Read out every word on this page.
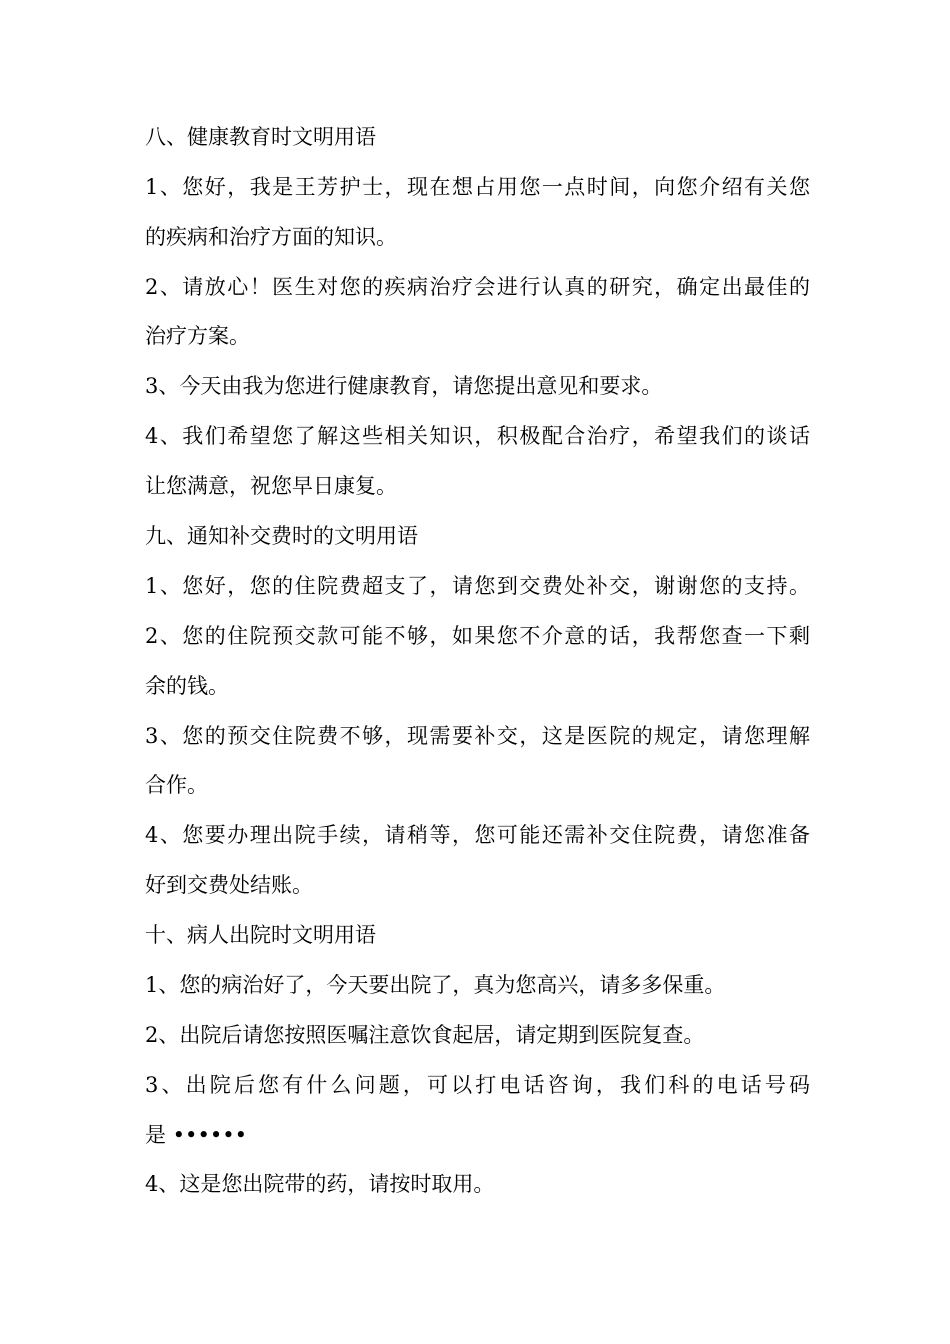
八、健康教育时文明用语
1、您好，我是王芳护士，现在想占用您一点时间，向您介绍有关您
的疾病和治疗方面的知识。
2、请放心！医生对您的疾病治疗会进行认真的研究，确定出最佳的
治疗方案。
3、今天由我为您进行健康教育，请您提出意见和要求。
4、我们希望您了解这些相关知识，积极配合治疗，希望我们的谈话
让您满意，祝您早日康复。
九、通知补交费时的文明用语
1、您好，您的住院费超支了，请您到交费处补交，谢谢您的支持。
2、您的住院预交款可能不够，如果您不介意的话，我帮您查一下剩
余的钱。
3、您的预交住院费不够，现需要补交，这是医院的规定，请您理解
合作。
4、您要办理出院手续，请稍等，您可能还需补交住院费，请您准备
好到交费处结账。
十、病人出院时文明用语
1、您的病治好了，今天要出院了，真为您高兴，请多多保重。
2、出院后请您按照医嘱注意饮食起居，请定期到医院复查。
3、出院后您有什么问题，可以打电话咨询，我们科的电话号码
是 ••••••
4、这是您出院带的药，请按时取用。
